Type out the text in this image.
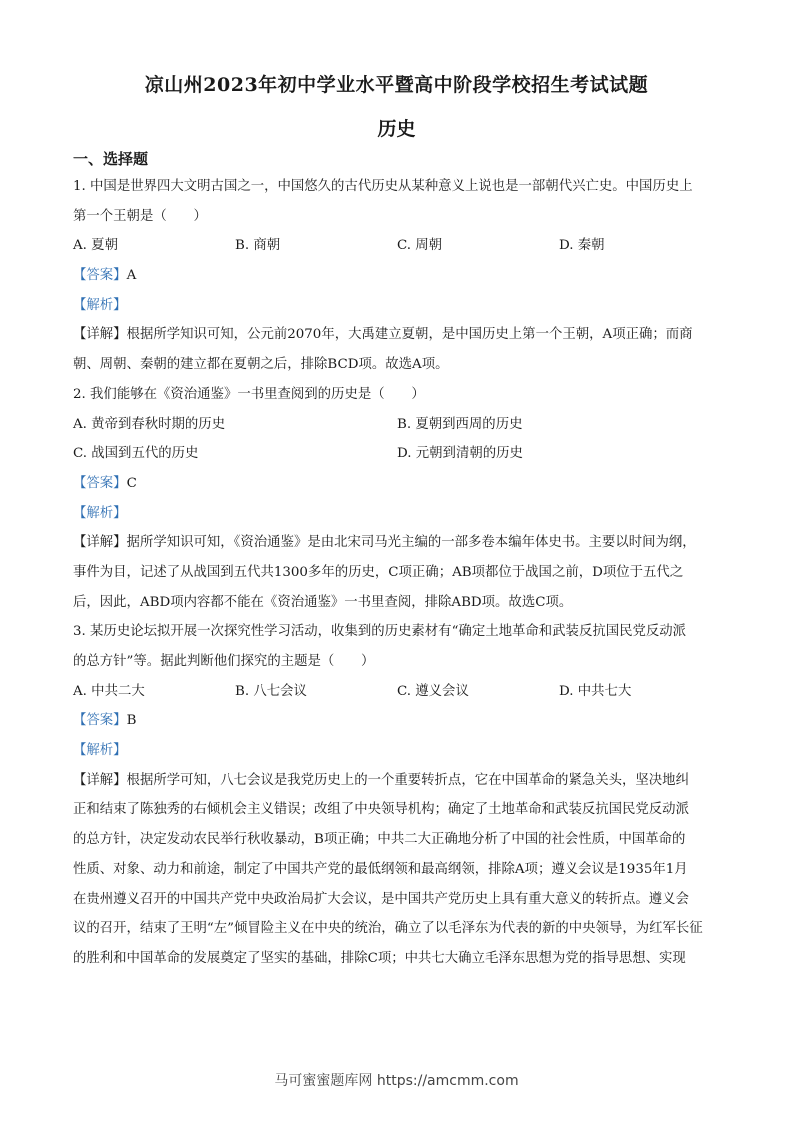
凉山州2023年初中学业水平暨高中阶段学校招生考试试题
历史
一、选择题
1. 中国是世界四大文明古国之一，中国悠久的古代历史从某种意义上说也是一部朝代兴亡史。中国历史上
第一个王朝是（　　）
A. 夏朝	B. 商朝	C. 周朝	D. 秦朝
【答案】A
【解析】
【详解】根据所学知识可知，公元前2070年，大禹建立夏朝，是中国历史上第一个王朝，A项正确；而商
朝、周朝、秦朝的建立都在夏朝之后，排除BCD项。故选A项。
2. 我们能够在《资治通鉴》一书里查阅到的历史是（　　）
A. 黄帝到春秋时期的历史	B. 夏朝到西周的历史
C. 战国到五代的历史	D. 元朝到清朝的历史
【答案】C
【解析】
【详解】据所学知识可知，《资治通鉴》是由北宋司马光主编的一部多卷本编年体史书。主要以时间为纲，
事件为目，记述了从战国到五代共1300多年的历史，C项正确；AB项都位于战国之前，D项位于五代之
后，因此，ABD项内容都不能在《资治通鉴》一书里查阅，排除ABD项。故选C项。
3. 某历史论坛拟开展一次探究性学习活动，收集到的历史素材有“确定土地革命和武装反抗国民党反动派
的总方针”等。据此判断他们探究的主题是（　　）
A. 中共二大	B. 八七会议	C. 遵义会议	D. 中共七大
【答案】B
【解析】
【详解】根据所学可知，八七会议是我党历史上的一个重要转折点，它在中国革命的紧急关头，坚决地纠
正和结束了陈独秀的右倾机会主义错误；改组了中央领导机构；确定了土地革命和武装反抗国民党反动派
的总方针，决定发动农民举行秋收暴动，B项正确；中共二大正确地分析了中国的社会性质，中国革命的
性质、对象、动力和前途，制定了中国共产党的最低纲领和最高纲领，排除A项；遵义会议是1935年1月
在贵州遵义召开的中国共产党中央政治局扩大会议，是中国共产党历史上具有重大意义的转折点。遵义会
议的召开，结束了王明“左”倾冒险主义在中央的统治，确立了以毛泽东为代表的新的中央领导，为红军长征
的胜利和中国革命的发展奠定了坚实的基础，排除C项；中共七大确立毛泽东思想为党的指导思想、实现
马可蜜蜜题库网 https://amcmm.com
